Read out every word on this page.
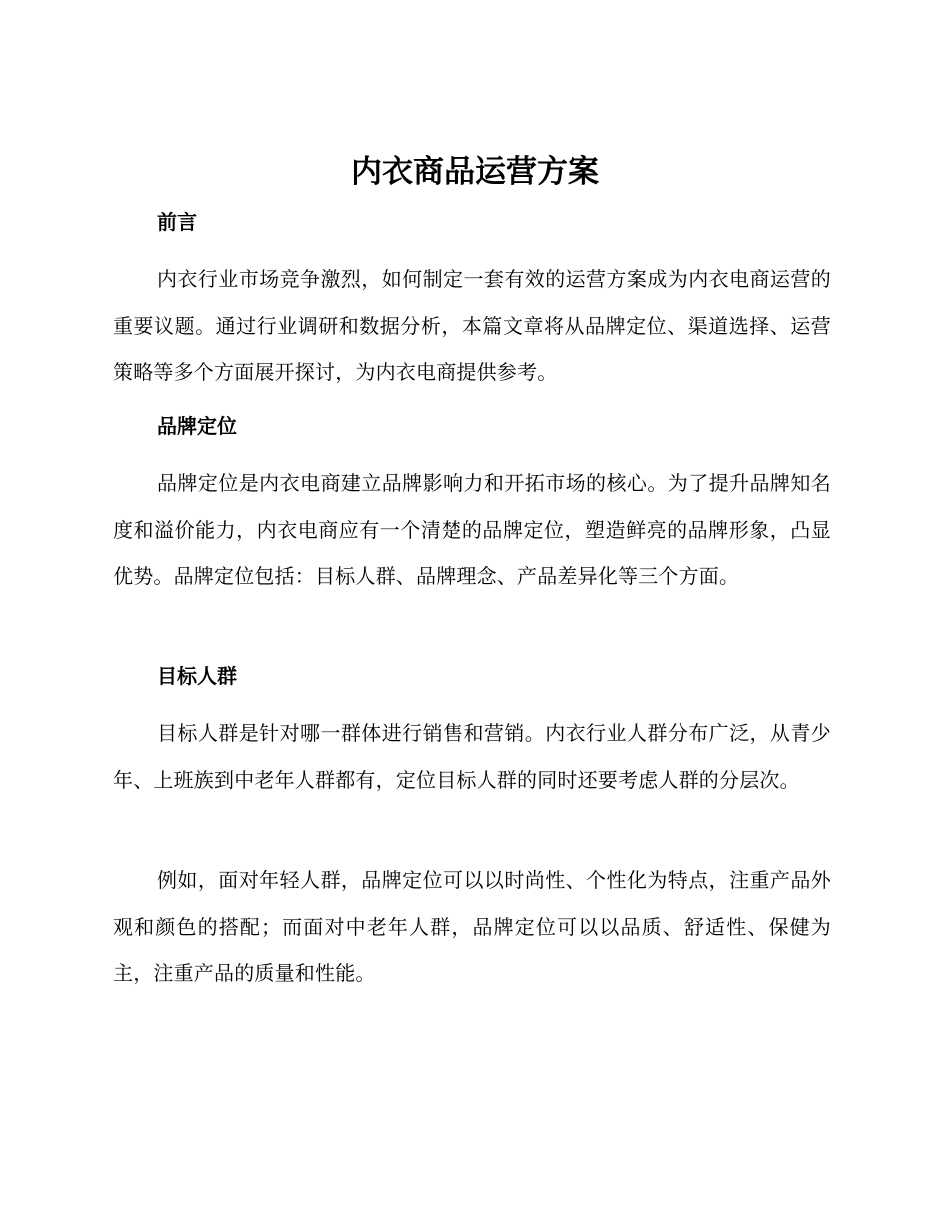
内衣商品运营方案
前言

内衣行业市场竞争激烈，如何制定一套有效的运营方案成为内衣电商运营的重要议题。通过行业调研和数据分析，本篇文章将从品牌定位、渠道选择、运营策略等多个方面展开探讨，为内衣电商提供参考。

品牌定位

品牌定位是内衣电商建立品牌影响力和开拓市场的核心。为了提升品牌知名度和溢价能力，内衣电商应有一个清楚的品牌定位，塑造鲜亮的品牌形象，凸显优势。品牌定位包括：目标人群、品牌理念、产品差异化等三个方面。

目标人群

目标人群是针对哪一群体进行销售和营销。内衣行业人群分布广泛，从青少年、上班族到中老年人群都有，定位目标人群的同时还要考虑人群的分层次。

例如，面对年轻人群，品牌定位可以以时尚性、个性化为特点，注重产品外观和颜色的搭配；而面对中老年人群，品牌定位可以以品质、舒适性、保健为主，注重产品的质量和性能。
